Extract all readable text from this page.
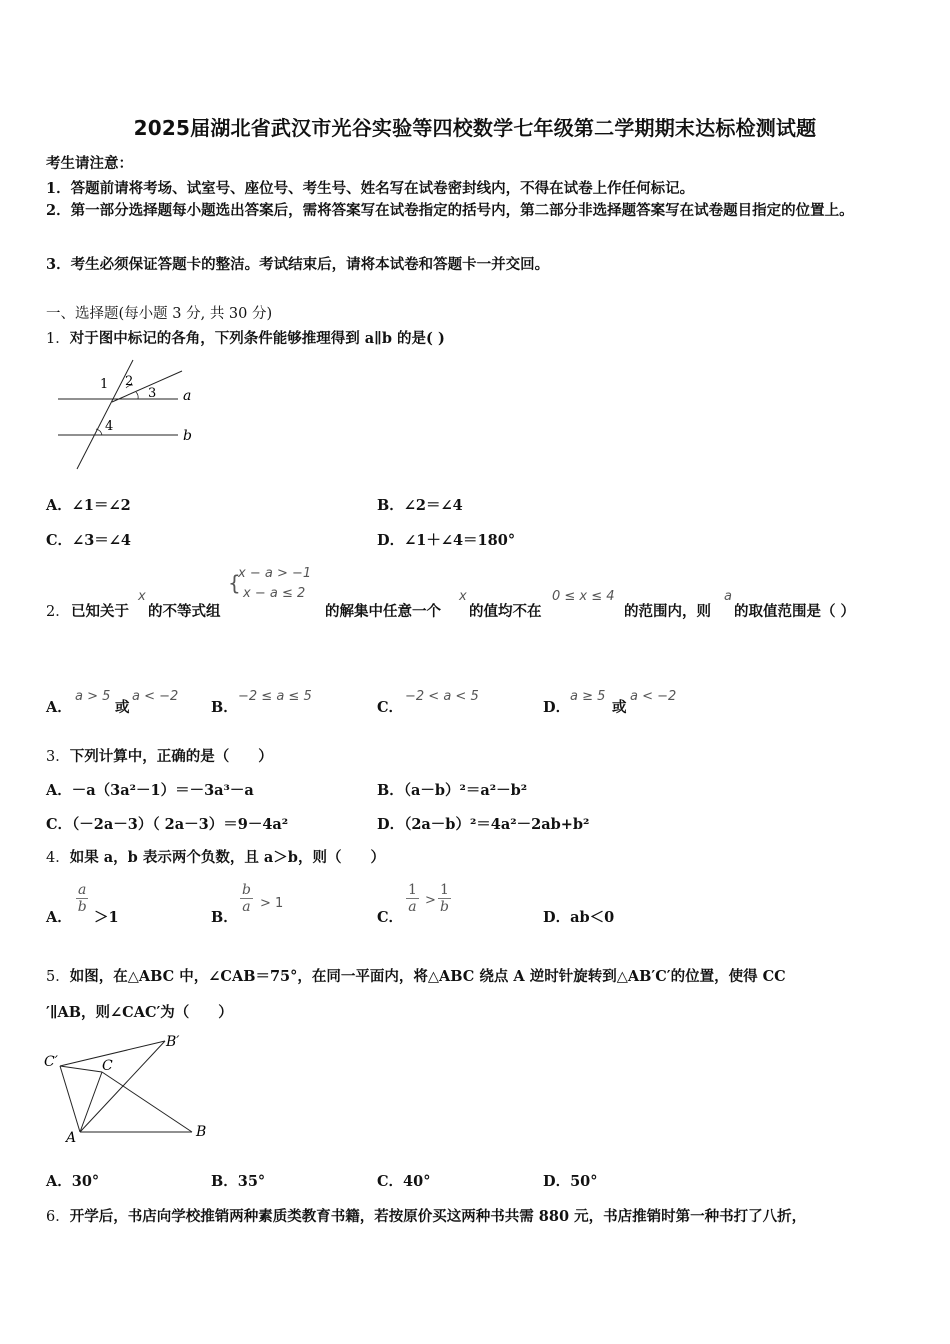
2025届湖北省武汉市光谷实验等四校数学七年级第二学期期末达标检测试题
考生请注意：
1．答题前请将考场、试室号、座位号、考生号、姓名写在试卷密封线内，不得在试卷上作任何标记。
2．第一部分选择题每小题选出答案后，需将答案写在试卷指定的括号内，第二部分非选择题答案写在试卷题目指定的位置上。
3．考生必须保证答题卡的整洁。考试结束后，请将本试卷和答题卡一并交回。
一、选择题(每小题 3 分, 共 30 分)
1．对于图中标记的各角，下列条件能够推理得到 a∥b 的是( )
1 2
3
4
a
b
A．∠1＝∠2	B．∠2＝∠4
C．∠3＝∠4	D．∠1＋∠4＝180°
2． 已知关于
x
的不等式组
{
x − a > −1
x − a ≤ 2
的解集中任意一个
x
的值均不在
0 ≤ x ≤ 4
的范围内，则
a
的取值范围是（ ）
A．
a > 5
或
a < −2
B．
−2 ≤ a ≤ 5
C．
−2 < a < 5
D．
a ≥ 5
或
a < −2
3．下列计算中，正确的是（　　）
A．－a（3a²－1）＝－3a³－a	B．（a－b）²＝a²－b²
C．（－2a－3）（ 2a－3）＝9－4a²	D．（2a－b）²＝4a²－2ab+b²
4．如果 a，b 表示两个负数，且 a＞b，则（　　）
A．
$\frac{a}{b}$
＞1	B．
$\frac{b}{a} > 1$
C．
$\frac{1}{a} > \frac{1}{b}$
D．ab＜0
5．如图，在△ABC 中，∠CAB＝75°，在同一平面内，将△ABC 绕点 A 逆时针旋转到△AB′C′的位置，使得 CC
′∥AB，则∠CAC′为（　　）
C′	C
B′
A	B
A．30°	B．35°	C．40°	D．50°
6．开学后，书店向学校推销两种素质类教育书籍，若按原价买这两种书共需 880 元，书店推销时第一种书打了八折，
